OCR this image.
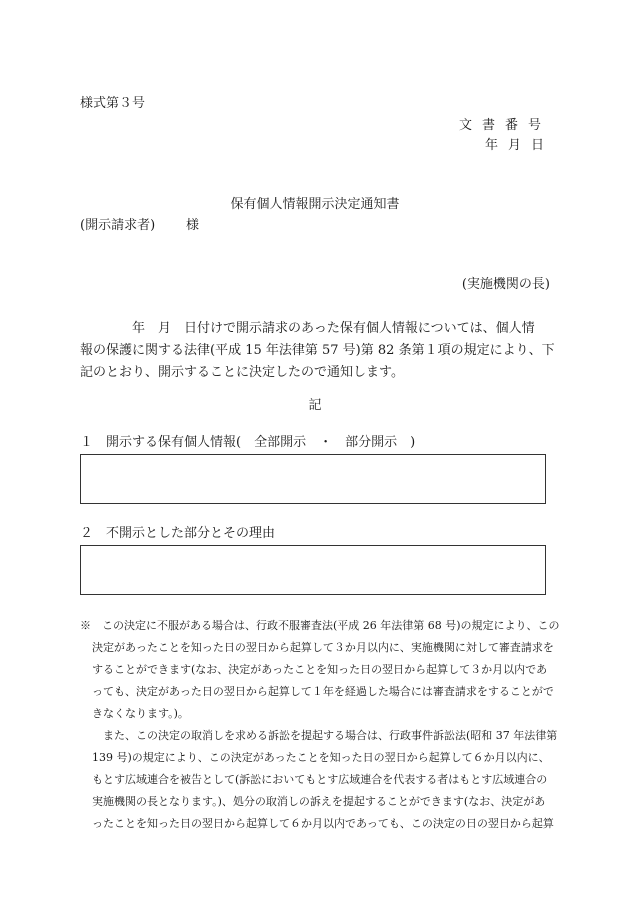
様式第３号
文書番号
年月日
保有個人情報開示決定通知書
(開示請求者) 様
(実施機関の長)
　　　　年　月　日付けで開示請求のあった保有個人情報については、個人情
報の保護に関する法律(平成 15 年法律第 57 号)第 82 条第１項の規定により、下
記のとおり、開示することに決定したので通知します。
記
１　開示する保有個人情報(　全部開示　・　部分開示　)
２　不開示とした部分とその理由
※　この決定に不服がある場合は、行政不服審査法(平成 26 年法律第 68 号)の規定により、この
決定があったことを知った日の翌日から起算して３か月以内に、実施機関に対して審査請求を
することができます(なお、決定があったことを知った日の翌日から起算して３か月以内であ
っても、決定があった日の翌日から起算して１年を経過した場合には審査請求をすることがで
きなくなります。)。
　また、この決定の取消しを求める訴訟を提起する場合は、行政事件訴訟法(昭和 37 年法律第
139 号)の規定により、この決定があったことを知った日の翌日から起算して６か月以内に、
もとす広域連合を被告として(訴訟においてもとす広域連合を代表する者はもとす広域連合の
実施機関の長となります。)、処分の取消しの訴えを提起することができます(なお、決定があ
ったことを知った日の翌日から起算して６か月以内であっても、この決定の日の翌日から起算
